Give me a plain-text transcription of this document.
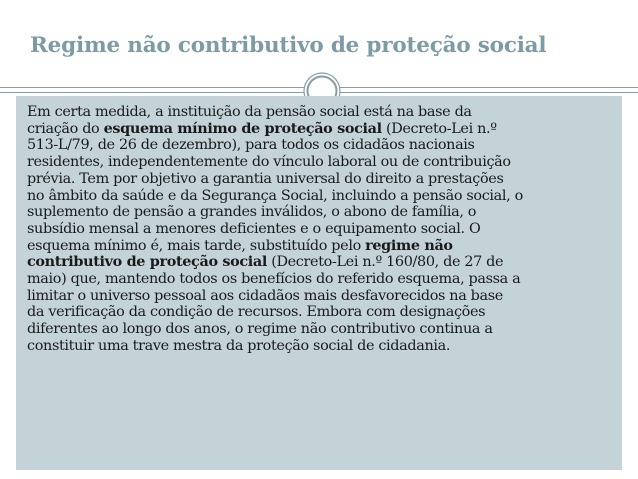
Regime não contributivo de proteção social
Em certa medida, a instituição da pensão social está na base da
criação do esquema mínimo de proteção social (Decreto-Lei n.º
513-L/79, de 26 de dezembro), para todos os cidadãos nacionais
residentes, independentemente do vínculo laboral ou de contribuição
prévia. Tem por objetivo a garantia universal do direito a prestações
no âmbito da saúde e da Segurança Social, incluindo a pensão social, o
suplemento de pensão a grandes inválidos, o abono de família, o
subsídio mensal a menores deficientes e o equipamento social. O
esquema mínimo é, mais tarde, substituído pelo regime não
contributivo de proteção social (Decreto-Lei n.º 160/80, de 27 de
maio) que, mantendo todos os benefícios do referido esquema, passa a
limitar o universo pessoal aos cidadãos mais desfavorecidos na base
da verificação da condição de recursos. Embora com designações
diferentes ao longo dos anos, o regime não contributivo continua a
constituir uma trave mestra da proteção social de cidadania.
